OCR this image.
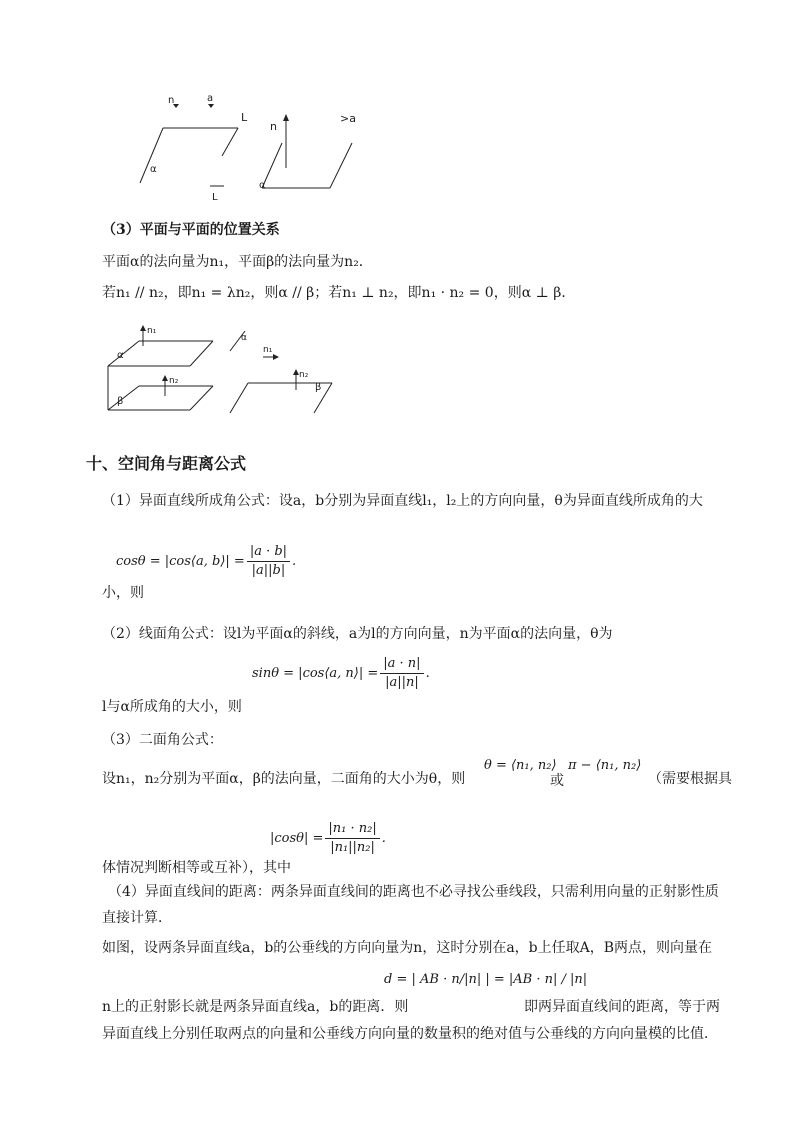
n	a
α
L
L
n
>a
α
（3）平面与平面的位置关系
平面α的法向量为n₁，平面β的法向量为n₂．
若n₁ // n₂，即n₁ = λn₂，则α // β；若n₁ ⊥ n₂，即n₁ · n₂ = 0，则α ⊥ β．
n₁
α
n₂
β
α
n₁
n₂
β
十、空间角与距离公式
（1）异面直线所成角公式：设a，b分别为异面直线l₁，l₂上的方向向量，θ为异面直线所成角的大
cosθ = |cos⟨a, b⟩| = $\frac{|a \cdot b|}{|a||b|}$ .
小，则
（2）线面角公式：设l为平面α的斜线，a为l的方向向量，n为平面α的法向量，θ为
sinθ = |cos⟨a, n⟩| = $\frac{|a \cdot n|}{|a||n|}$ .
l与α所成角的大小，则
（3）二面角公式：
设n₁，n₂分别为平面α，β的法向量，二面角的大小为θ，则
θ = ⟨n₁, n₂⟩
或
π − ⟨n₁, n₂⟩
（需要根据具
$|\cos\theta| = \frac{\text{|n₁ · n₂|}}{\text{|n₁||n₂|}}$ .
体情况判断相等或互补），其中
（4）异面直线间的距离：两条异面直线间的距离也不必寻找公垂线段，只需利用向量的正射影性质
直接计算．
如图，设两条异面直线a，b的公垂线的方向向量为n，这时分别在a，b上任取A，B两点，则向量在
d = | AB · n/|n| | = |AB · n| / |n|
n上的正射影长就是两条异面直线a，b的距离．则	即两异面直线间的距离，等于两
异面直线上分别任取两点的向量和公垂线方向向量的数量积的绝对值与公垂线的方向向量模的比值．
